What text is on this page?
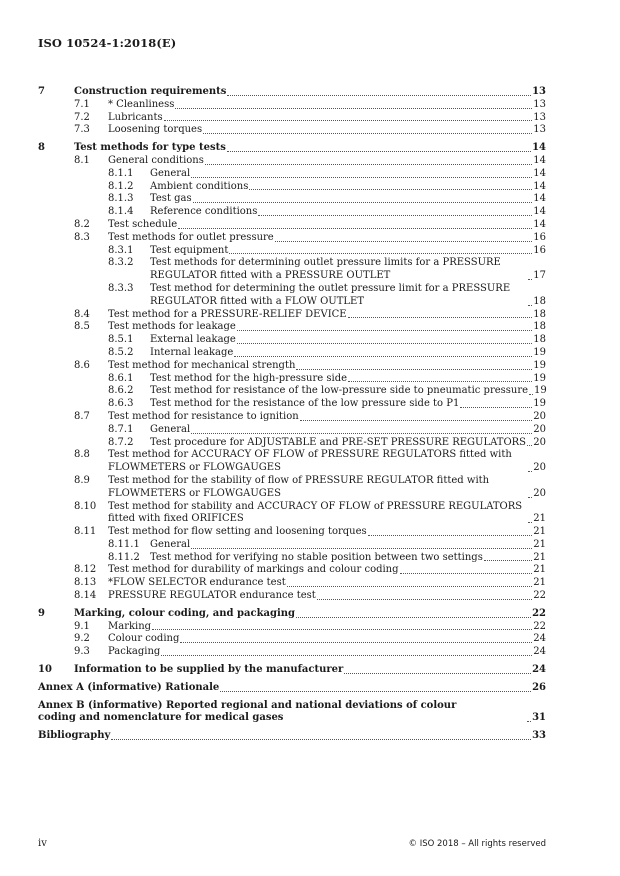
ISO 10524-1:2018(E)
7	Construction requirements	13
7.1 * Cleanliness	13
7.2 Lubricants	13
7.3 Loosening torques	13
8	Test methods for type tests	14
8.1 General conditions	14
8.1.1 General	14
8.1.2 Ambient conditions	14
8.1.3 Test gas	14
8.1.4 Reference conditions	14
8.2 Test schedule	14
8.3 Test methods for outlet pressure	16
8.3.1 Test equipment	16
8.3.2 Test methods for determining outlet pressure limits for a PRESSURE REGULATOR fitted with a PRESSURE OUTLET	17
8.3.3 Test method for determining the outlet pressure limit for a PRESSURE REGULATOR fitted with a FLOW OUTLET	18
8.4 Test method for a PRESSURE-RELIEF DEVICE	18
8.5 Test methods for leakage	18
8.5.1 External leakage	18
8.5.2 Internal leakage	19
8.6 Test method for mechanical strength	19
8.6.1 Test method for the high-pressure side	19
8.6.2 Test method for resistance of the low-pressure side to pneumatic pressure 19
8.6.3 Test method for the resistance of the low pressure side to P1	19
8.7 Test method for resistance to ignition	20
8.7.1 General	20
8.7.2 Test procedure for ADJUSTABLE and PRE-SET PRESSURE REGULATORS 20
8.8 Test method for ACCURACY OF FLOW of PRESSURE REGULATORS fitted with FLOWMETERS or FLOWGAUGES	20
8.9 Test method for the stability of flow of PRESSURE REGULATOR fitted with FLOWMETERS or FLOWGAUGES	20
8.10 Test method for stability and ACCURACY OF FLOW of PRESSURE REGULATORS fitted with fixed ORIFICES	21
8.11 Test method for flow setting and loosening torques	21
8.11.1 General	21
8.11.2 Test method for verifying no stable position between two settings	21
8.12 Test method for durability of markings and colour coding	21
8.13 *FLOW SELECTOR endurance test	21
8.14 PRESSURE REGULATOR endurance test	22
9	Marking, colour coding, and packaging	22
9.1 Marking	22
9.2 Colour coding	24
9.3 Packaging	24
10 Information to be supplied by the manufacturer	24
Annex A (informative) Rationale	26
Annex B (informative) Reported regional and national deviations of colour coding and nomenclature for medical gases	31
Bibliography	33
iv	© ISO 2018 – All rights reserved
